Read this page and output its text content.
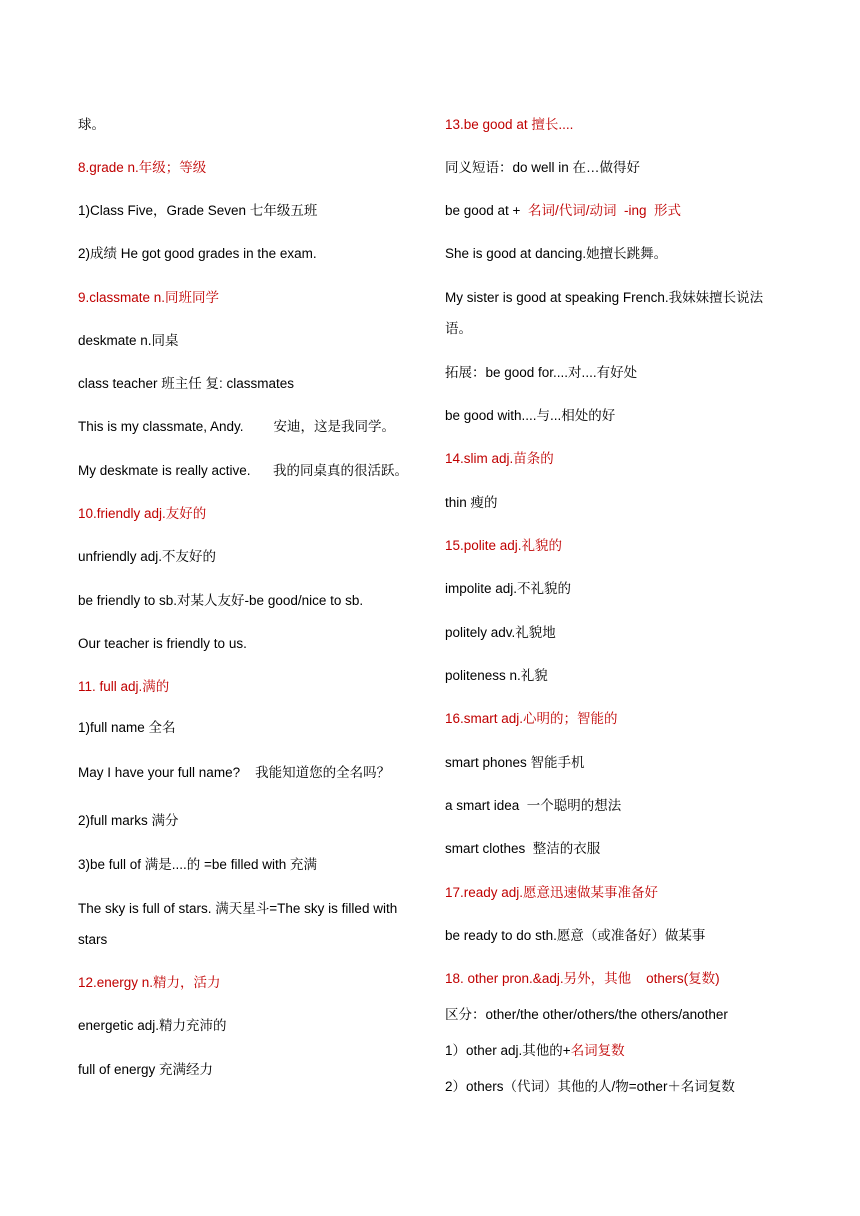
球。
8.grade n.年级；等级
1)Class Five，Grade Seven 七年级五班
2)成绩 He got good grades in the exam.
9.classmate n.同班同学
deskmate n.同桌
class teacher 班主任 复: classmates
This is my classmate, Andy.        安迪，这是我同学。
My deskmate is really active.      我的同桌真的很活跃。
10.friendly adj.友好的
unfriendly adj.不友好的
be friendly to sb.对某人友好-be good/nice to sb.
Our teacher is friendly to us.
11. full adj.满的
1)full name 全名
May I have your full name?    我能知道您的全名吗？
2)full marks 满分
3)be full of 满是....的 =be filled with 充满
The sky is full of stars. 满天星斗=The sky is filled with stars
12.energy n.精力，活力
energetic adj.精力充沛的
full of energy 充满经力
13.be good at 擅长....
同义短语：do well in 在…做得好
be good at +  名词/代词/动词  -ing  形式
She is good at dancing.她擅长跳舞。
My sister is good at speaking French.我妹妹擅长说法语。
拓展：be good for....对....有好处
be good with....与...相处的好
14.slim adj.苗条的
thin 瘦的
15.polite adj.礼貌的
impolite adj.不礼貌的
politely adv.礼貌地
politeness n.礼貌
16.smart adj.心明的；智能的
smart phones 智能手机
a smart idea  一个聪明的想法
smart clothes  整洁的衣服
17.ready adj.愿意迅速做某事准备好
be ready to do sth.愿意（或准备好）做某事
18. other pron.&adj.另外，其他    others(复数)
区分：other/the other/others/the others/another
1）other adj.其他的+名词复数
2）others（代词）其他的人/物=other＋名词复数
